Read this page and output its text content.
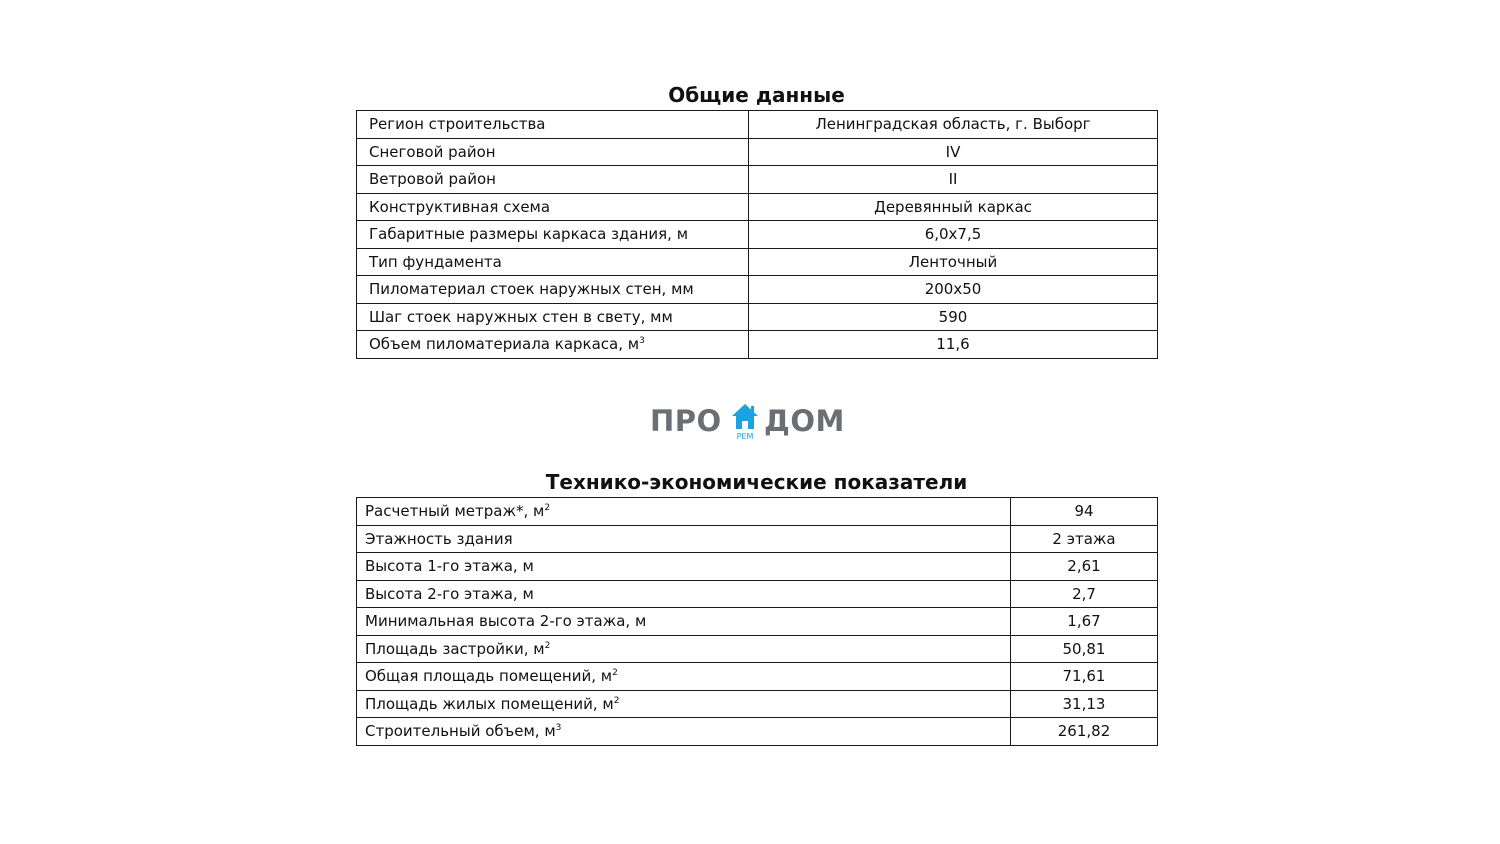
Общие данные
Регион строительства	Ленинградская область, г. Выборг
Снеговой район	IV
Ветровой район	II
Конструктивная схема	Деревянный каркас
Габаритные размеры каркаса здания, м	6,0х7,5
Тип фундамента	Ленточный
Пиломатериал стоек наружных стен, мм	200х50
Шаг стоек наружных стен в свету, мм	590
Объем пиломатериала каркаса, $м^3$	11,6
ПРО	РЕМ ДОМ
Технико-экономические показатели
Расчетный метраж*, $м^2$	94
Этажность здания	2 этажа
Высота 1-го этажа, м	2,61
Высота 2-го этажа, м	2,7
Минимальная высота 2-го этажа, м	1,67
Площадь застройки, $м^2$	50,81
Общая площадь помещений, $м^2$	71,61
Площадь жилых помещений, $м^2$	31,13
Строительный объем, $м^3$	261,82
